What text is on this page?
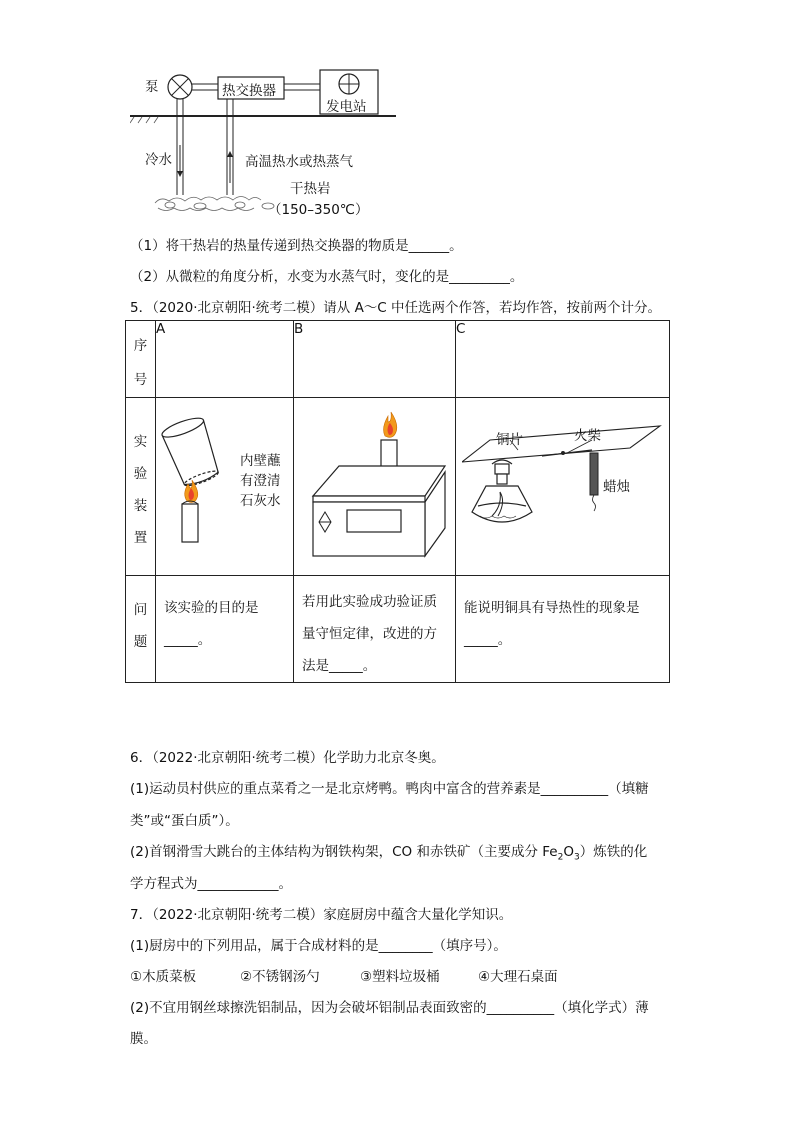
泵	热交换器
发电站
冷水	高温热水或热蒸气
干热岩
（150–350℃）
（1）将干热岩的热量传递到热交换器的物质是______。
（2）从微粒的角度分析，水变为水蒸气时，变化的是_________。
5．（2020·北京朝阳·统考二模）请从 A～C 中任选两个作答，若均作答，按前两个计分。
序号	A	B	C
实验装置			
问题	该实验的目的是_____。	若用此实验成功验证质量守恒定律，改进的方法是_____。	能说明铜具有导热性的现象是_____。
内壁蘸有澄清石灰水
铜片	火柴
蜡烛
6．（2022·北京朝阳·统考二模）化学助力北京冬奥。
(1)运动员村供应的重点菜肴之一是北京烤鸭。鸭肉中富含的营养素是__________（填糖
类”或“蛋白质”）。
(2)首钢滑雪大跳台的主体结构为钢铁构架，CO 和赤铁矿（主要成分 $Fe_2O_3$）炼铁的化
学方程式为____________。
7．（2022·北京朝阳·统考二模）家庭厨房中蕴含大量化学知识。
(1)厨房中的下列用品，属于合成材料的是________（填序号）。
①木质菜板	②不锈钢汤勺	③塑料垃圾桶	④大理石桌面
(2)不宜用钢丝球擦洗铝制品，因为会破坏铝制品表面致密的__________（填化学式）薄
膜。
